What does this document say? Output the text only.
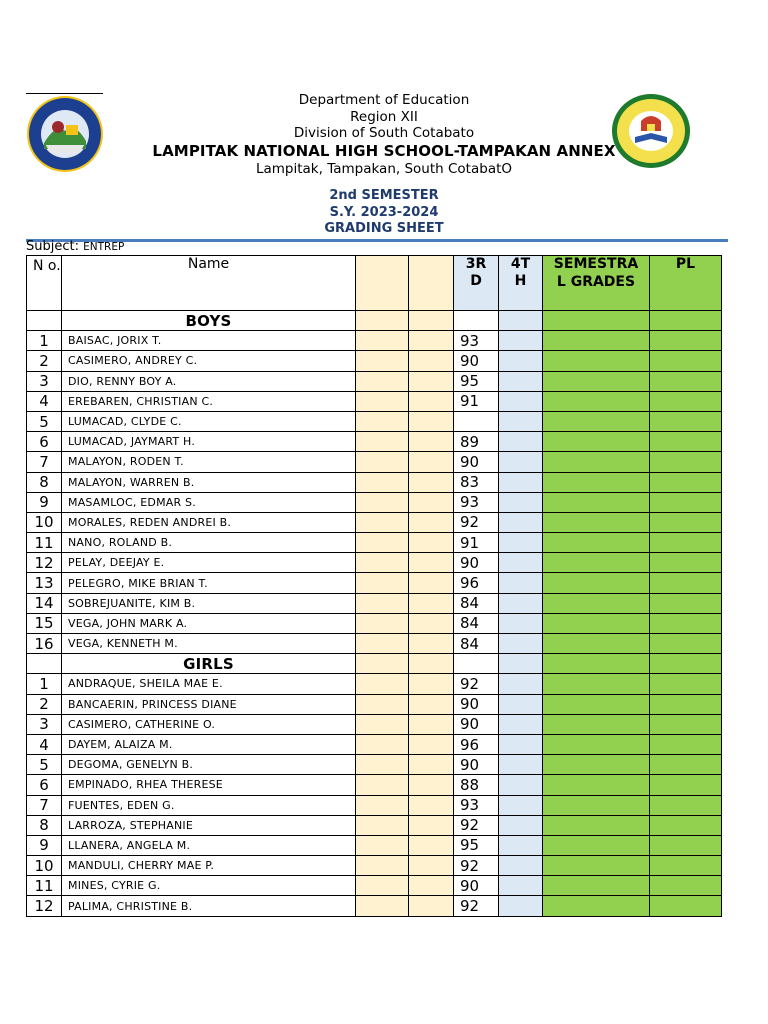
Department of Education
Region XII
Division of South Cotabato
LAMPITAK NATIONAL HIGH SCHOOL-TAMPAKAN ANNEX
Lampitak, Tampakan, South CotabatO
2nd SEMESTER
S.Y. 2023-2024
GRADING SHEET
Subject: ENTREP
N o.	Name			3R D	4T H	SEMESTRA L GRADES	PL
	BOYS						
1	BAISAC, JORIX T.			93			
2	CASIMERO, ANDREY C.			90			
3	DIO, RENNY BOY A.			95			
4	EREBAREN, CHRISTIAN C.			91			
5	LUMACAD, CLYDE C.						
6	LUMACAD, JAYMART H.			89			
7	MALAYON, RODEN T.			90			
8	MALAYON, WARREN B.			83			
9	MASAMLOC, EDMAR S.			93			
10	MORALES, REDEN ANDREI B.			92			
11	NANO, ROLAND B.			91			
12	PELAY, DEEJAY E.			90			
13	PELEGRO, MIKE BRIAN T.			96			
14	SOBREJUANITE, KIM B.			84			
15	VEGA, JOHN MARK A.			84			
16	VEGA, KENNETH M.			84			
	GIRLS						
1	ANDRAQUE, SHEILA MAE E.			92			
2	BANCAERIN, PRINCESS DIANE			90			
3	CASIMERO, CATHERINE O.			90			
4	DAYEM, ALAIZA M.			96			
5	DEGOMA, GENELYN B.			90			
6	EMPINADO, RHEA THERESE			88			
7	FUENTES, EDEN G.			93			
8	LARROZA, STEPHANIE			92			
9	LLANERA, ANGELA M.			95			
10	MANDULI, CHERRY MAE P.			92			
11	MINES, CYRIE G.			90			
12	PALIMA, CHRISTINE B.			92			
